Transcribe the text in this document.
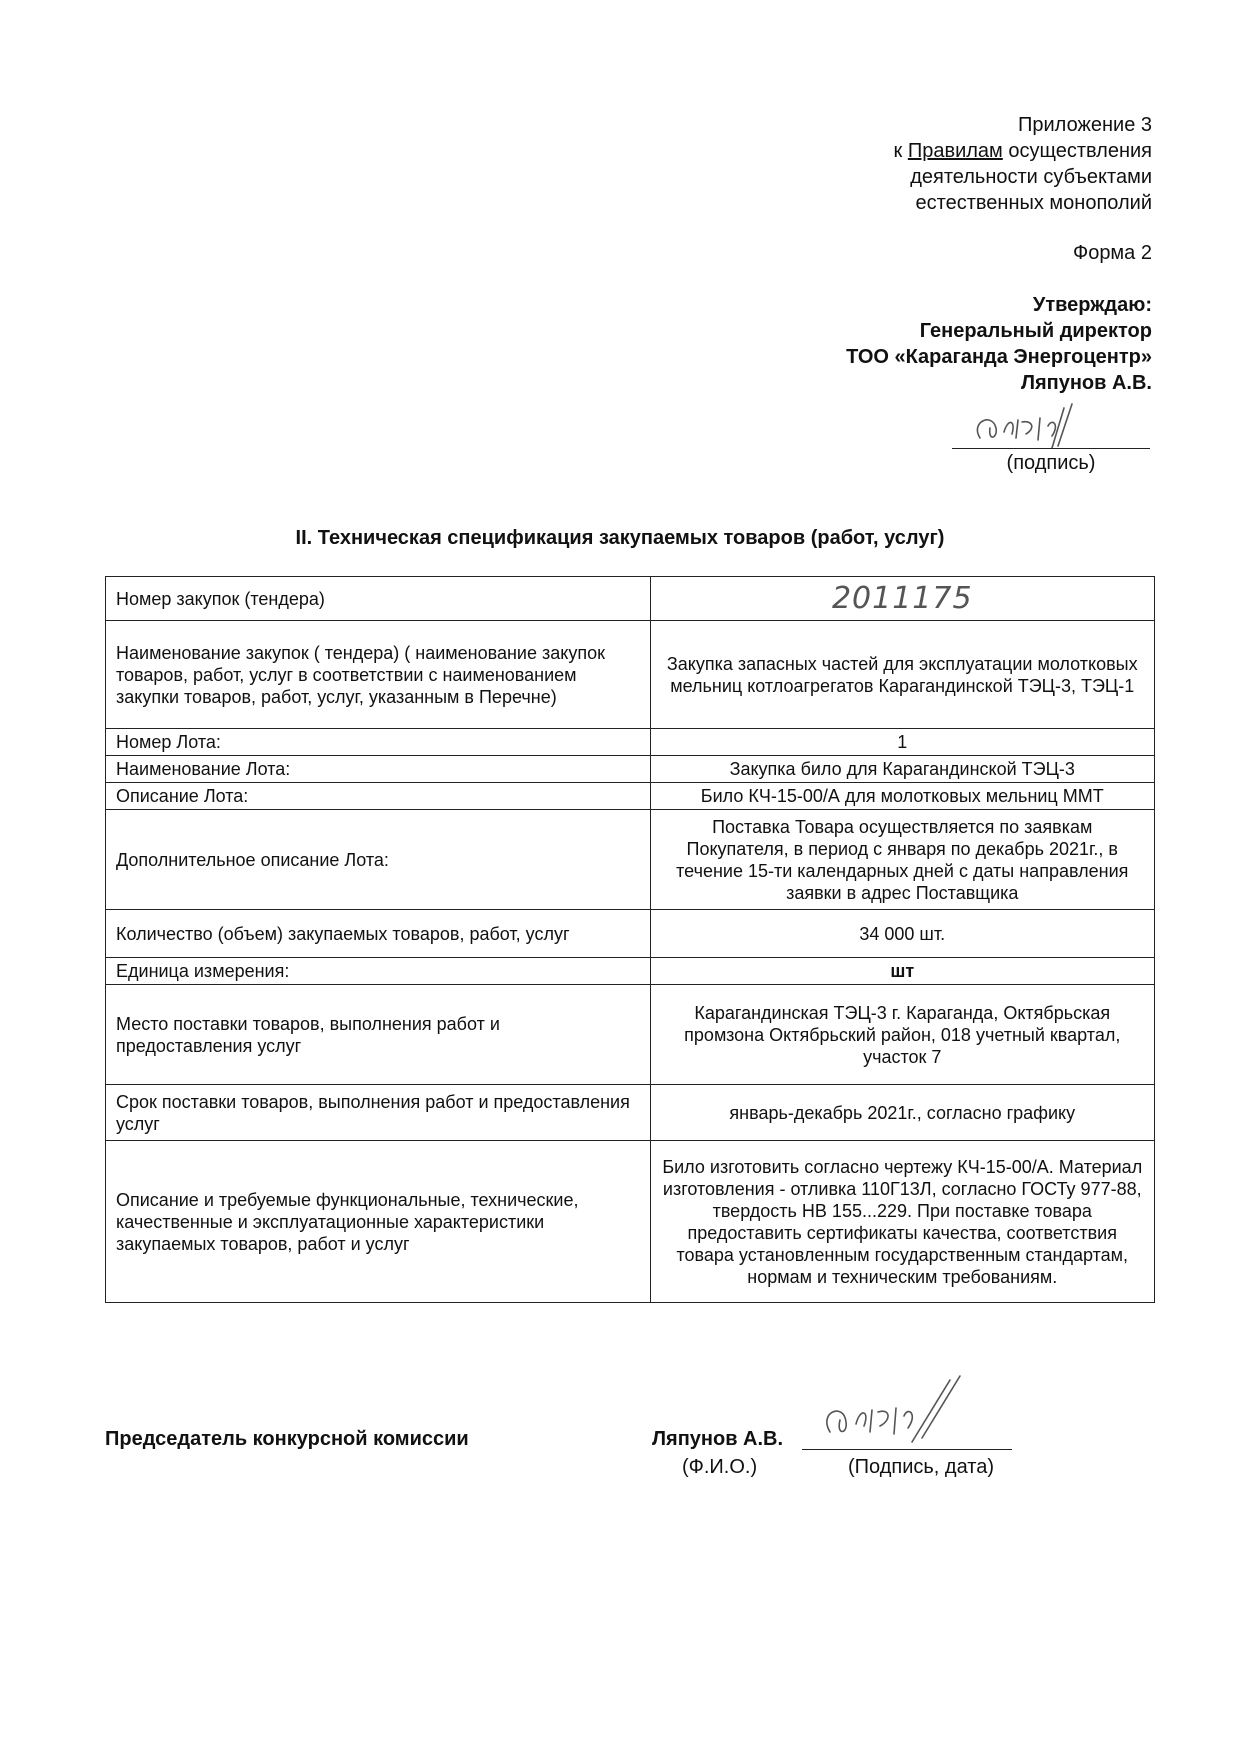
Приложение 3
к Правилам осуществления
деятельности субъектами
естественных монополий
Форма 2
Утверждаю:
Генеральный директор
ТОО «Караганда Энергоцентр»
Ляпунов А.В.
(подпись)
II. Техническая спецификация закупаемых товаров (работ, услуг)
Номер закупок (тендера)	2011175
Наименование закупок ( тендера) ( наименование закупок товаров, работ, услуг в соответствии с наименованием закупки товаров, работ, услуг, указанным в Перечне)	Закупка запасных частей для эксплуатации молотковых мельниц котлоагрегатов Карагандинской ТЭЦ-3, ТЭЦ-1
Номер Лота:	1
Наименование Лота:	Закупка било для Карагандинской ТЭЦ-3
Описание Лота:	Било КЧ-15-00/А для молотковых мельниц ММТ
Дополнительное описание Лота:	Поставка Товара осуществляется по заявкам Покупателя, в период с января по декабрь 2021г., в течение 15-ти календарных дней с даты направления заявки в адрес Поставщика
Количество (объем) закупаемых товаров, работ, услуг	34 000 шт.
Единица измерения:	шт
Место поставки товаров, выполнения работ и предоставления услуг	Карагандинская ТЭЦ-3 г. Караганда, Октябрьская промзона Октябрьский район, 018 учетный квартал, участок 7
Срок поставки товаров, выполнения работ и предоставления услуг	январь-декабрь 2021г., согласно графику
Описание и требуемые функциональные, технические, качественные и эксплуатационные характеристики закупаемых товаров, работ и услуг	Било изготовить согласно чертежу КЧ-15-00/А. Материал изготовления - отливка 110Г13Л, согласно ГОСТу 977-88, твердость НВ 155...229. При поставке товара предоставить сертификаты качества, соответствия товара установленным государственным стандартам, нормам и техническим требованиям.
Председатель конкурсной комиссии	Ляпунов А.В.
(Ф.И.О.)	(Подпись, дата)
